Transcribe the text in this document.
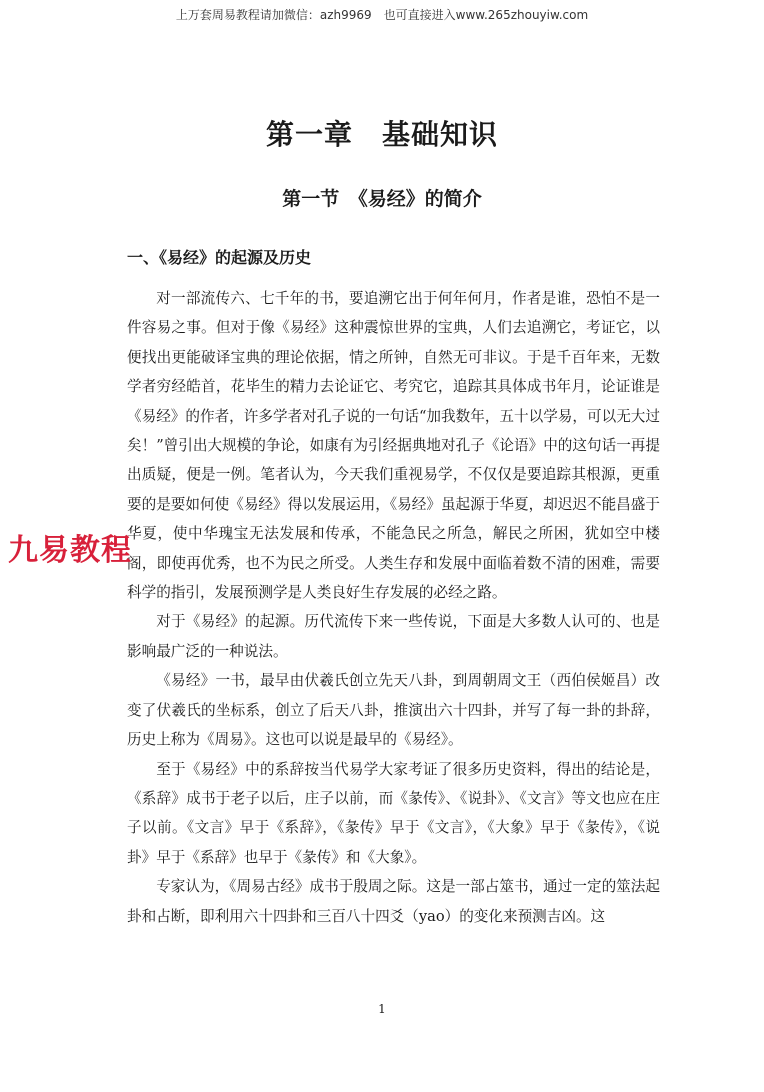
上万套周易教程请加微信：azh9969　也可直接进入www.265zhouyiw.com
第一章　基础知识
第一节　《易经》的简介
一、《易经》的起源及历史

对一部流传六、七千年的书，要追溯它出于何年何月，作者是谁，恐怕不是一件容易之事。但对于像《易经》这种震惊世界的宝典，人们去追溯它，考证它，以便找出更能破译宝典的理论依据，情之所钟，自然无可非议。于是千百年来，无数学者穷经皓首，花毕生的精力去论证它、考究它，追踪其具体成书年月，论证谁是《易经》的作者，许多学者对孔子说的一句话“加我数年，五十以学易，可以无大过矣！”曾引出大规模的争论，如康有为引经据典地对孔子《论语》中的这句话一再提出质疑，便是一例。笔者认为，今天我们重视易学，不仅仅是要追踪其根源，更重要的是要如何使《易经》得以发展运用，《易经》虽起源于华夏，却迟迟不能昌盛于华夏，使中华瑰宝无法发展和传承，不能急民之所急，解民之所困，犹如空中楼阁，即使再优秀，也不为民之所受。人类生存和发展中面临着数不清的困难，需要科学的指引，发展预测学是人类良好生存发展的必经之路。

对于《易经》的起源。历代流传下来一些传说，下面是大多数人认可的、也是影响最广泛的一种说法。

《易经》一书，最早由伏羲氏创立先天八卦，到周朝周文王（西伯侯姬昌）改变了伏羲氏的坐标系，创立了后天八卦，推演出六十四卦，并写了每一卦的卦辞，历史上称为《周易》。这也可以说是最早的《易经》。

至于《易经》中的系辞按当代易学大家考证了很多历史资料，得出的结论是，《系辞》成书于老子以后，庄子以前，而《彖传》、《说卦》、《文言》等文也应在庄子以前。《文言》早于《系辞》，《彖传》早于《文言》，《大象》早于《彖传》，《说卦》早于《系辞》也早于《彖传》和《大象》。

专家认为，《周易古经》成书于殷周之际。这是一部占筮书，通过一定的筮法起卦和占断，即利用六十四卦和三百八十四爻（yao）的变化来预测吉凶。这

九易教程
1
